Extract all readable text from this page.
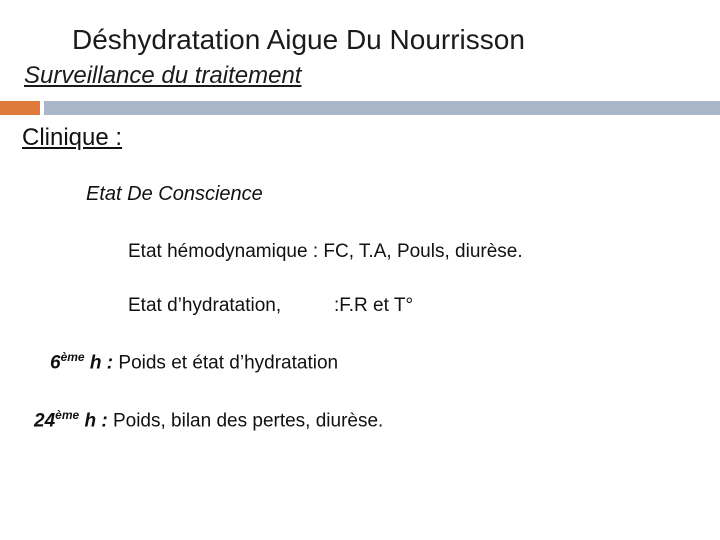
Déshydratation Aigue Du Nourrisson
Surveillance du traitement
Clinique :
Etat De Conscience
Etat hémodynamique : FC, T.A, Pouls, diurèse.
Etat d’hydratation,	:F.R et T°
6ème h : Poids et état d’hydratation
24ème h : Poids, bilan des pertes, diurèse.
